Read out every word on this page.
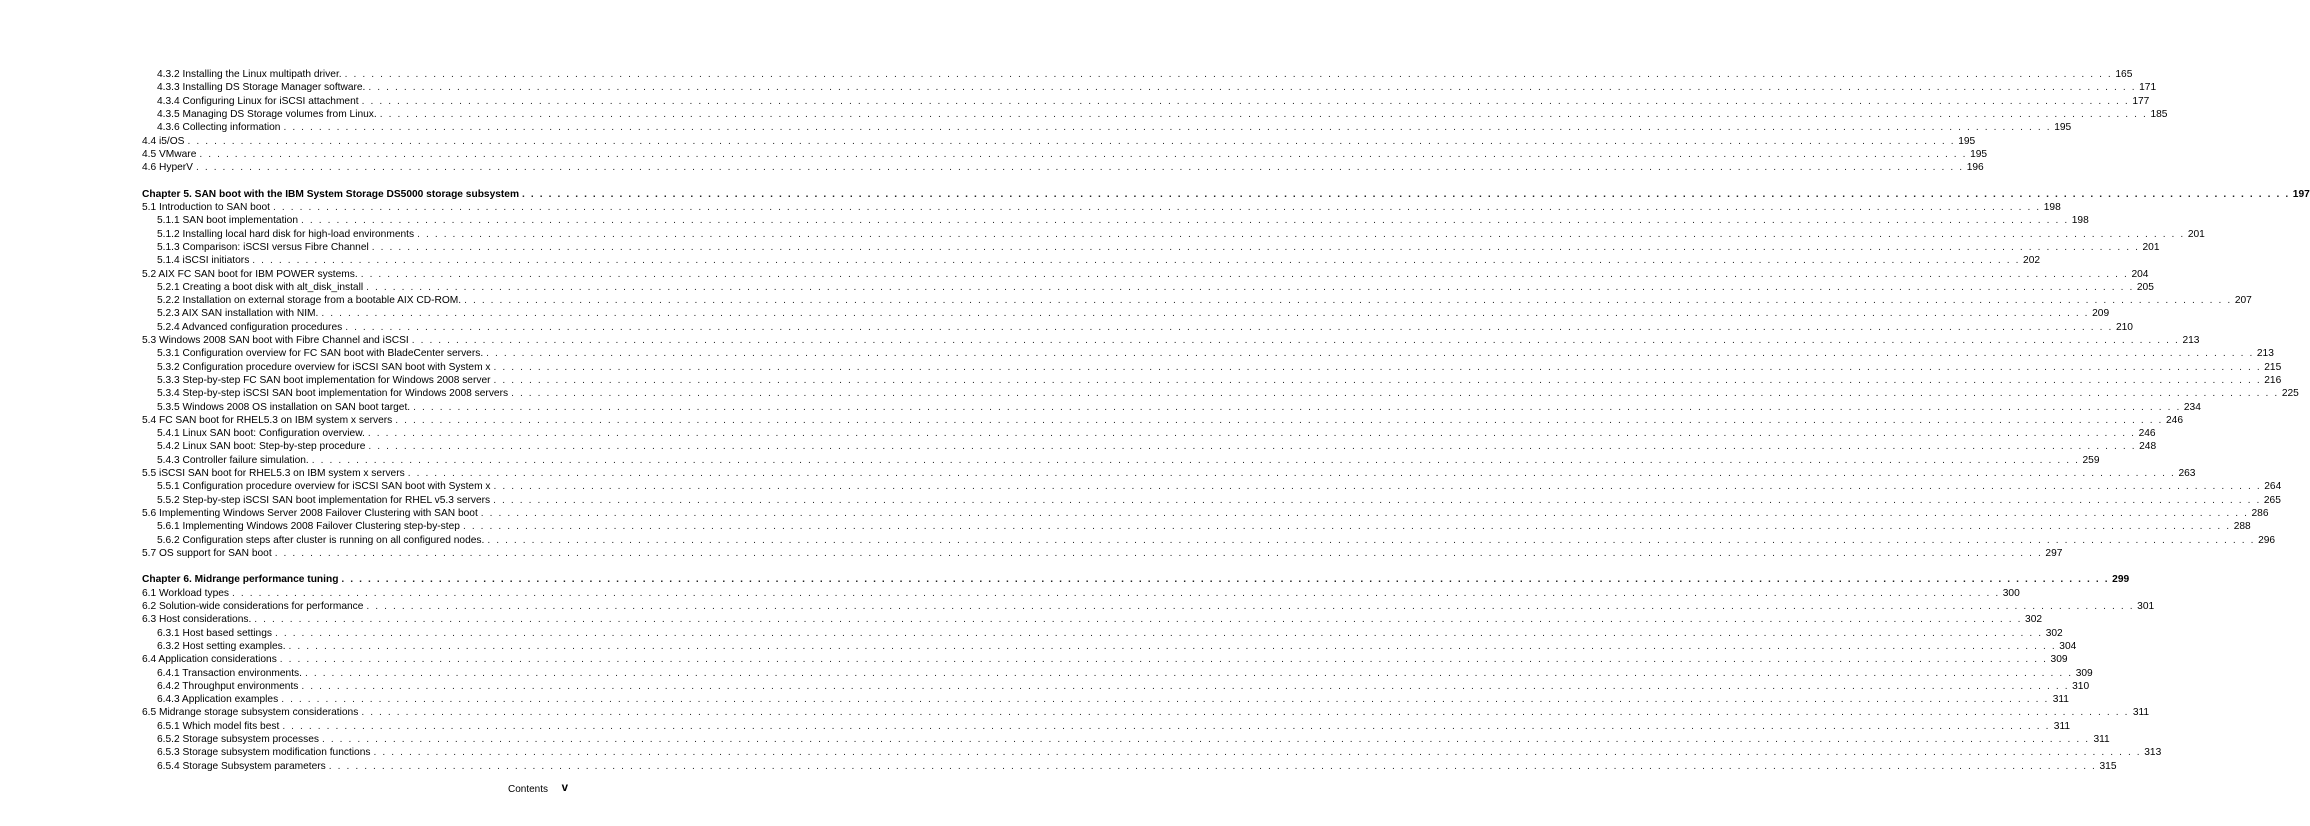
4.3.2 Installing the Linux multipath driver. . . . . . . . . . . . . . . . . . . . . . . . . . . . . . . . . . . . . . . . . . . . . . . . . . . . . . . . . . . . . . . . . . . . . . . . . . . . . . . . . . . . . . . . . . . . . . . . . . . . . . . . . . . . . . . . . . . . . . . . . . . . . . . . . . . . . . . . . . . . . . . . . . . . . . . . . . . . . . . . . . . . . . . . . . . . . . . . . . . . . . . . . . . . . . . . . . . . . . . . . 165
4.3.3 Installing DS Storage Manager software. . . . . . . . . . . . . . . . . . . . . . . . . . . . . . . . . . . . . . . . . . . . . . . . . . . . . . . . . . . . . . . . . . . . . . . . . . . . . . . . . . . . . . . . . . . . . . . . . . . . . . . . . . . . . . . . . . . . . . . . . . . . . . . . . . . . . . . . . . . . . . . . . . . . . . . . . . . . . . . . . . . . . . . . . . . . . . . . . . . . . . . . . . . . . . . . . . . . . . . . . 171
4.3.4 Configuring Linux for iSCSI attachment . . . . . . . . . . . . . . . . . . . . . . . . . . . . . . . . . . . . . . . . . . . . . . . . . . . . . . . . . . . . . . . . . . . . . . . . . . . . . . . . . . . . . . . . . . . . . . . . . . . . . . . . . . . . . . . . . . . . . . . . . . . . . . . . . . . . . . . . . . . . . . . . . . . . . . . . . . . . . . . . . . . . . . . . . . . . . . . . . . . . . . . . . . . . . . . . . . . . . . . . 177
4.3.5 Managing DS Storage volumes from Linux. . . . . . . . . . . . . . . . . . . . . . . . . . . . . . . . . . . . . . . . . . . . . . . . . . . . . . . . . . . . . . . . . . . . . . . . . . . . . . . . . . . . . . . . . . . . . . . . . . . . . . . . . . . . . . . . . . . . . . . . . . . . . . . . . . . . . . . . . . . . . . . . . . . . . . . . . . . . . . . . . . . . . . . . . . . . . . . . . . . . . . . . . . . . . . . . . . . . . . . . . 185
4.3.6 Collecting information . . . . . . . . . . . . . . . . . . . . . . . . . . . . . . . . . . . . . . . . . . . . . . . . . . . . . . . . . . . . . . . . . . . . . . . . . . . . . . . . . . . . . . . . . . . . . . . . . . . . . . . . . . . . . . . . . . . . . . . . . . . . . . . . . . . . . . . . . . . . . . . . . . . . . . . . . . . . . . . . . . . . . . . . . . . . . . . . . . . . . . . . . . . . . . . . . . . . . . . . 195
4.4 i5/OS . . . . . . . . . . . . . . . . . . . . . . . . . . . . . . . . . . . . . . . . . . . . . . . . . . . . . . . . . . . . . . . . . . . . . . . . . . . . . . . . . . . . . . . . . . . . . . . . . . . . . . . . . . . . . . . . . . . . . . . . . . . . . . . . . . . . . . . . . . . . . . . . . . . . . . . . . . . . . . . . . . . . . . . . . . . . . . . . . . . . . . . . . . . . . . . . . . . . . . . . 195
4.5 VMware . . . . . . . . . . . . . . . . . . . . . . . . . . . . . . . . . . . . . . . . . . . . . . . . . . . . . . . . . . . . . . . . . . . . . . . . . . . . . . . . . . . . . . . . . . . . . . . . . . . . . . . . . . . . . . . . . . . . . . . . . . . . . . . . . . . . . . . . . . . . . . . . . . . . . . . . . . . . . . . . . . . . . . . . . . . . . . . . . . . . . . . . . . . . . . . . . . . . . . . . 195
4.6 HyperV . . . . . . . . . . . . . . . . . . . . . . . . . . . . . . . . . . . . . . . . . . . . . . . . . . . . . . . . . . . . . . . . . . . . . . . . . . . . . . . . . . . . . . . . . . . . . . . . . . . . . . . . . . . . . . . . . . . . . . . . . . . . . . . . . . . . . . . . . . . . . . . . . . . . . . . . . . . . . . . . . . . . . . . . . . . . . . . . . . . . . . . . . . . . . . . . . . . . . . . . 196
Chapter 5. SAN boot with the IBM System Storage DS5000 storage subsystem . . . . . . . . . . . . . . . . . . . . . . . . . . . . . . . . . . . . . . . . . . . . . . . . . . . . . . . . . . . . . . . . . . . . . . . . . . . . . . . . . . . . . . . . . . . . . . . . . . . . . . . . . . . . . . . . . . . . . . . . . . . . . . . . . . . . . . . . . . . . . . . . . . . . . . . . . . . . . . . . . . . . . . . . . . . . . . . . . . . . . . . . . . . . . . . . . . . . . . . . 197
5.1 Introduction to SAN boot . . . . . . . . . . . . . . . . . . . . . . . . . . . . . . . . . . . . . . . . . . . . . . . . . . . . . . . . . . . . . . . . . . . . . . . . . . . . . . . . . . . . . . . . . . . . . . . . . . . . . . . . . . . . . . . . . . . . . . . . . . . . . . . . . . . . . . . . . . . . . . . . . . . . . . . . . . . . . . . . . . . . . . . . . . . . . . . . . . . . . . . . . . . . . . . . . . . . . . . . 198
5.1.1 SAN boot implementation . . . . . . . . . . . . . . . . . . . . . . . . . . . . . . . . . . . . . . . . . . . . . . . . . . . . . . . . . . . . . . . . . . . . . . . . . . . . . . . . . . . . . . . . . . . . . . . . . . . . . . . . . . . . . . . . . . . . . . . . . . . . . . . . . . . . . . . . . . . . . . . . . . . . . . . . . . . . . . . . . . . . . . . . . . . . . . . . . . . . . . . . . . . . . . . . . . . . . . . . 198
5.1.2 Installing local hard disk for high-load environments . . . . . . . . . . . . . . . . . . . . . . . . . . . . . . . . . . . . . . . . . . . . . . . . . . . . . . . . . . . . . . . . . . . . . . . . . . . . . . . . . . . . . . . . . . . . . . . . . . . . . . . . . . . . . . . . . . . . . . . . . . . . . . . . . . . . . . . . . . . . . . . . . . . . . . . . . . . . . . . . . . . . . . . . . . . . . . . . . . . . . . . . . . . . . . . . . . . . . . . . 201
5.1.3 Comparison: iSCSI versus Fibre Channel . . . . . . . . . . . . . . . . . . . . . . . . . . . . . . . . . . . . . . . . . . . . . . . . . . . . . . . . . . . . . . . . . . . . . . . . . . . . . . . . . . . . . . . . . . . . . . . . . . . . . . . . . . . . . . . . . . . . . . . . . . . . . . . . . . . . . . . . . . . . . . . . . . . . . . . . . . . . . . . . . . . . . . . . . . . . . . . . . . . . . . . . . . . . . . . . . . . . . . . . 201
5.1.4 iSCSI initiators . . . . . . . . . . . . . . . . . . . . . . . . . . . . . . . . . . . . . . . . . . . . . . . . . . . . . . . . . . . . . . . . . . . . . . . . . . . . . . . . . . . . . . . . . . . . . . . . . . . . . . . . . . . . . . . . . . . . . . . . . . . . . . . . . . . . . . . . . . . . . . . . . . . . . . . . . . . . . . . . . . . . . . . . . . . . . . . . . . . . . . . . . . . . . . . . . . . . . . . . 202
5.2 AIX FC SAN boot for IBM POWER systems. . . . . . . . . . . . . . . . . . . . . . . . . . . . . . . . . . . . . . . . . . . . . . . . . . . . . . . . . . . . . . . . . . . . . . . . . . . . . . . . . . . . . . . . . . . . . . . . . . . . . . . . . . . . . . . . . . . . . . . . . . . . . . . . . . . . . . . . . . . . . . . . . . . . . . . . . . . . . . . . . . . . . . . . . . . . . . . . . . . . . . . . . . . . . . . . . . . . . . . . . 204
5.2.1 Creating a boot disk with alt_disk_install . . . . . . . . . . . . . . . . . . . . . . . . . . . . . . . . . . . . . . . . . . . . . . . . . . . . . . . . . . . . . . . . . . . . . . . . . . . . . . . . . . . . . . . . . . . . . . . . . . . . . . . . . . . . . . . . . . . . . . . . . . . . . . . . . . . . . . . . . . . . . . . . . . . . . . . . . . . . . . . . . . . . . . . . . . . . . . . . . . . . . . . . . . . . . . . . . . . . . . . . 205
5.2.2 Installation on external storage from a bootable AIX CD-ROM. . . . . . . . . . . . . . . . . . . . . . . . . . . . . . . . . . . . . . . . . . . . . . . . . . . . . . . . . . . . . . . . . . . . . . . . . . . . . . . . . . . . . . . . . . . . . . . . . . . . . . . . . . . . . . . . . . . . . . . . . . . . . . . . . . . . . . . . . . . . . . . . . . . . . . . . . . . . . . . . . . . . . . . . . . . . . . . . . . . . . . . . . . . . . . . . . . . . . . . . . 207
5.2.3 AIX SAN installation with NIM. . . . . . . . . . . . . . . . . . . . . . . . . . . . . . . . . . . . . . . . . . . . . . . . . . . . . . . . . . . . . . . . . . . . . . . . . . . . . . . . . . . . . . . . . . . . . . . . . . . . . . . . . . . . . . . . . . . . . . . . . . . . . . . . . . . . . . . . . . . . . . . . . . . . . . . . . . . . . . . . . . . . . . . . . . . . . . . . . . . . . . . . . . . . . . . . . . . . . . . . . 209
5.2.4 Advanced configuration procedures . . . . . . . . . . . . . . . . . . . . . . . . . . . . . . . . . . . . . . . . . . . . . . . . . . . . . . . . . . . . . . . . . . . . . . . . . . . . . . . . . . . . . . . . . . . . . . . . . . . . . . . . . . . . . . . . . . . . . . . . . . . . . . . . . . . . . . . . . . . . . . . . . . . . . . . . . . . . . . . . . . . . . . . . . . . . . . . . . . . . . . . . . . . . . . . . . . . . . . . . 210
5.3 Windows 2008 SAN boot with Fibre Channel and iSCSI . . . . . . . . . . . . . . . . . . . . . . . . . . . . . . . . . . . . . . . . . . . . . . . . . . . . . . . . . . . . . . . . . . . . . . . . . . . . . . . . . . . . . . . . . . . . . . . . . . . . . . . . . . . . . . . . . . . . . . . . . . . . . . . . . . . . . . . . . . . . . . . . . . . . . . . . . . . . . . . . . . . . . . . . . . . . . . . . . . . . . . . . . . . . . . . . . . . . . . . . 213
5.3.1 Configuration overview for FC SAN boot with BladeCenter servers. . . . . . . . . . . . . . . . . . . . . . . . . . . . . . . . . . . . . . . . . . . . . . . . . . . . . . . . . . . . . . . . . . . . . . . . . . . . . . . . . . . . . . . . . . . . . . . . . . . . . . . . . . . . . . . . . . . . . . . . . . . . . . . . . . . . . . . . . . . . . . . . . . . . . . . . . . . . . . . . . . . . . . . . . . . . . . . . . . . . . . . . . . . . . . . . . . . . . . . . . 213
5.3.2 Configuration procedure overview for iSCSI SAN boot with System x . . . . . . . . . . . . . . . . . . . . . . . . . . . . . . . . . . . . . . . . . . . . . . . . . . . . . . . . . . . . . . . . . . . . . . . . . . . . . . . . . . . . . . . . . . . . . . . . . . . . . . . . . . . . . . . . . . . . . . . . . . . . . . . . . . . . . . . . . . . . . . . . . . . . . . . . . . . . . . . . . . . . . . . . . . . . . . . . . . . . . . . . . . . . . . . . . . . . . . . . 215
5.3.3 Step-by-step FC SAN boot implementation for Windows 2008 server . . . . . . . . . . . . . . . . . . . . . . . . . . . . . . . . . . . . . . . . . . . . . . . . . . . . . . . . . . . . . . . . . . . . . . . . . . . . . . . . . . . . . . . . . . . . . . . . . . . . . . . . . . . . . . . . . . . . . . . . . . . . . . . . . . . . . . . . . . . . . . . . . . . . . . . . . . . . . . . . . . . . . . . . . . . . . . . . . . . . . . . . . . . . . . . . . . . . . . . . 216
5.3.4 Step-by-step iSCSI SAN boot implementation for Windows 2008 servers . . . . . . . . . . . . . . . . . . . . . . . . . . . . . . . . . . . . . . . . . . . . . . . . . . . . . . . . . . . . . . . . . . . . . . . . . . . . . . . . . . . . . . . . . . . . . . . . . . . . . . . . . . . . . . . . . . . . . . . . . . . . . . . . . . . . . . . . . . . . . . . . . . . . . . . . . . . . . . . . . . . . . . . . . . . . . . . . . . . . . . . . . . . . . . . . . . . . . . . . 225
5.3.5 Windows 2008 OS installation on SAN boot target. . . . . . . . . . . . . . . . . . . . . . . . . . . . . . . . . . . . . . . . . . . . . . . . . . . . . . . . . . . . . . . . . . . . . . . . . . . . . . . . . . . . . . . . . . . . . . . . . . . . . . . . . . . . . . . . . . . . . . . . . . . . . . . . . . . . . . . . . . . . . . . . . . . . . . . . . . . . . . . . . . . . . . . . . . . . . . . . . . . . . . . . . . . . . . . . . . . . . . . . . 234
5.4 FC SAN boot for RHEL5.3 on IBM system x servers . . . . . . . . . . . . . . . . . . . . . . . . . . . . . . . . . . . . . . . . . . . . . . . . . . . . . . . . . . . . . . . . . . . . . . . . . . . . . . . . . . . . . . . . . . . . . . . . . . . . . . . . . . . . . . . . . . . . . . . . . . . . . . . . . . . . . . . . . . . . . . . . . . . . . . . . . . . . . . . . . . . . . . . . . . . . . . . . . . . . . . . . . . . . . . . . . . . . . . . . 246
5.4.1 Linux SAN boot: Configuration overview. . . . . . . . . . . . . . . . . . . . . . . . . . . . . . . . . . . . . . . . . . . . . . . . . . . . . . . . . . . . . . . . . . . . . . . . . . . . . . . . . . . . . . . . . . . . . . . . . . . . . . . . . . . . . . . . . . . . . . . . . . . . . . . . . . . . . . . . . . . . . . . . . . . . . . . . . . . . . . . . . . . . . . . . . . . . . . . . . . . . . . . . . . . . . . . . . . . . . . . . . 246
5.4.2 Linux SAN boot: Step-by-step procedure . . . . . . . . . . . . . . . . . . . . . . . . . . . . . . . . . . . . . . . . . . . . . . . . . . . . . . . . . . . . . . . . . . . . . . . . . . . . . . . . . . . . . . . . . . . . . . . . . . . . . . . . . . . . . . . . . . . . . . . . . . . . . . . . . . . . . . . . . . . . . . . . . . . . . . . . . . . . . . . . . . . . . . . . . . . . . . . . . . . . . . . . . . . . . . . . . . . . . . . . 248
5.4.3 Controller failure simulation. . . . . . . . . . . . . . . . . . . . . . . . . . . . . . . . . . . . . . . . . . . . . . . . . . . . . . . . . . . . . . . . . . . . . . . . . . . . . . . . . . . . . . . . . . . . . . . . . . . . . . . . . . . . . . . . . . . . . . . . . . . . . . . . . . . . . . . . . . . . . . . . . . . . . . . . . . . . . . . . . . . . . . . . . . . . . . . . . . . . . . . . . . . . . . . . . . . . . . . . . 259
5.5 iSCSI SAN boot for RHEL5.3 on IBM system x servers . . . . . . . . . . . . . . . . . . . . . . . . . . . . . . . . . . . . . . . . . . . . . . . . . . . . . . . . . . . . . . . . . . . . . . . . . . . . . . . . . . . . . . . . . . . . . . . . . . . . . . . . . . . . . . . . . . . . . . . . . . . . . . . . . . . . . . . . . . . . . . . . . . . . . . . . . . . . . . . . . . . . . . . . . . . . . . . . . . . . . . . . . . . . . . . . . . . . . . . . 263
5.5.1 Configuration procedure overview for iSCSI SAN boot with System x . . . . . . . . . . . . . . . . . . . . . . . . . . . . . . . . . . . . . . . . . . . . . . . . . . . . . . . . . . . . . . . . . . . . . . . . . . . . . . . . . . . . . . . . . . . . . . . . . . . . . . . . . . . . . . . . . . . . . . . . . . . . . . . . . . . . . . . . . . . . . . . . . . . . . . . . . . . . . . . . . . . . . . . . . . . . . . . . . . . . . . . . . . . . . . . . . . . . . . . . 264
5.5.2 Step-by-step iSCSI SAN boot implementation for RHEL v5.3 servers . . . . . . . . . . . . . . . . . . . . . . . . . . . . . . . . . . . . . . . . . . . . . . . . . . . . . . . . . . . . . . . . . . . . . . . . . . . . . . . . . . . . . . . . . . . . . . . . . . . . . . . . . . . . . . . . . . . . . . . . . . . . . . . . . . . . . . . . . . . . . . . . . . . . . . . . . . . . . . . . . . . . . . . . . . . . . . . . . . . . . . . . . . . . . . . . . . . . . . . . 265
5.6 Implementing Windows Server 2008 Failover Clustering with SAN boot . . . . . . . . . . . . . . . . . . . . . . . . . . . . . . . . . . . . . . . . . . . . . . . . . . . . . . . . . . . . . . . . . . . . . . . . . . . . . . . . . . . . . . . . . . . . . . . . . . . . . . . . . . . . . . . . . . . . . . . . . . . . . . . . . . . . . . . . . . . . . . . . . . . . . . . . . . . . . . . . . . . . . . . . . . . . . . . . . . . . . . . . . . . . . . . . . . . . . . . . 286
5.6.1 Implementing Windows 2008 Failover Clustering step-by-step . . . . . . . . . . . . . . . . . . . . . . . . . . . . . . . . . . . . . . . . . . . . . . . . . . . . . . . . . . . . . . . . . . . . . . . . . . . . . . . . . . . . . . . . . . . . . . . . . . . . . . . . . . . . . . . . . . . . . . . . . . . . . . . . . . . . . . . . . . . . . . . . . . . . . . . . . . . . . . . . . . . . . . . . . . . . . . . . . . . . . . . . . . . . . . . . . . . . . . . . 288
5.6.2 Configuration steps after cluster is running on all configured nodes. . . . . . . . . . . . . . . . . . . . . . . . . . . . . . . . . . . . . . . . . . . . . . . . . . . . . . . . . . . . . . . . . . . . . . . . . . . . . . . . . . . . . . . . . . . . . . . . . . . . . . . . . . . . . . . . . . . . . . . . . . . . . . . . . . . . . . . . . . . . . . . . . . . . . . . . . . . . . . . . . . . . . . . . . . . . . . . . . . . . . . . . . . . . . . . . . . . . . . . . . 296
5.7 OS support for SAN boot . . . . . . . . . . . . . . . . . . . . . . . . . . . . . . . . . . . . . . . . . . . . . . . . . . . . . . . . . . . . . . . . . . . . . . . . . . . . . . . . . . . . . . . . . . . . . . . . . . . . . . . . . . . . . . . . . . . . . . . . . . . . . . . . . . . . . . . . . . . . . . . . . . . . . . . . . . . . . . . . . . . . . . . . . . . . . . . . . . . . . . . . . . . . . . . . . . . . . . . . 297
Chapter 6. Midrange performance tuning . . . . . . . . . . . . . . . . . . . . . . . . . . . . . . . . . . . . . . . . . . . . . . . . . . . . . . . . . . . . . . . . . . . . . . . . . . . . . . . . . . . . . . . . . . . . . . . . . . . . . . . . . . . . . . . . . . . . . . . . . . . . . . . . . . . . . . . . . . . . . . . . . . . . . . . . . . . . . . . . . . . . . . . . . . . . . . . . . . . . . . . . . . . . . . . . . . . . . . . . 299
6.1 Workload types . . . . . . . . . . . . . . . . . . . . . . . . . . . . . . . . . . . . . . . . . . . . . . . . . . . . . . . . . . . . . . . . . . . . . . . . . . . . . . . . . . . . . . . . . . . . . . . . . . . . . . . . . . . . . . . . . . . . . . . . . . . . . . . . . . . . . . . . . . . . . . . . . . . . . . . . . . . . . . . . . . . . . . . . . . . . . . . . . . . . . . . . . . . . . . . . . . . . . . . . 300
6.2 Solution-wide considerations for performance . . . . . . . . . . . . . . . . . . . . . . . . . . . . . . . . . . . . . . . . . . . . . . . . . . . . . . . . . . . . . . . . . . . . . . . . . . . . . . . . . . . . . . . . . . . . . . . . . . . . . . . . . . . . . . . . . . . . . . . . . . . . . . . . . . . . . . . . . . . . . . . . . . . . . . . . . . . . . . . . . . . . . . . . . . . . . . . . . . . . . . . . . . . . . . . . . . . . . . . . 301
6.3 Host considerations. . . . . . . . . . . . . . . . . . . . . . . . . . . . . . . . . . . . . . . . . . . . . . . . . . . . . . . . . . . . . . . . . . . . . . . . . . . . . . . . . . . . . . . . . . . . . . . . . . . . . . . . . . . . . . . . . . . . . . . . . . . . . . . . . . . . . . . . . . . . . . . . . . . . . . . . . . . . . . . . . . . . . . . . . . . . . . . . . . . . . . . . . . . . . . . . . . . . . . . . . 302
6.3.1 Host based settings . . . . . . . . . . . . . . . . . . . . . . . . . . . . . . . . . . . . . . . . . . . . . . . . . . . . . . . . . . . . . . . . . . . . . . . . . . . . . . . . . . . . . . . . . . . . . . . . . . . . . . . . . . . . . . . . . . . . . . . . . . . . . . . . . . . . . . . . . . . . . . . . . . . . . . . . . . . . . . . . . . . . . . . . . . . . . . . . . . . . . . . . . . . . . . . . . . . . . . . . 302
6.3.2 Host setting examples. . . . . . . . . . . . . . . . . . . . . . . . . . . . . . . . . . . . . . . . . . . . . . . . . . . . . . . . . . . . . . . . . . . . . . . . . . . . . . . . . . . . . . . . . . . . . . . . . . . . . . . . . . . . . . . . . . . . . . . . . . . . . . . . . . . . . . . . . . . . . . . . . . . . . . . . . . . . . . . . . . . . . . . . . . . . . . . . . . . . . . . . . . . . . . . . . . . . . . . . . 304
6.4 Application considerations . . . . . . . . . . . . . . . . . . . . . . . . . . . . . . . . . . . . . . . . . . . . . . . . . . . . . . . . . . . . . . . . . . . . . . . . . . . . . . . . . . . . . . . . . . . . . . . . . . . . . . . . . . . . . . . . . . . . . . . . . . . . . . . . . . . . . . . . . . . . . . . . . . . . . . . . . . . . . . . . . . . . . . . . . . . . . . . . . . . . . . . . . . . . . . . . . . . . . . . . 309
6.4.1 Transaction environments. . . . . . . . . . . . . . . . . . . . . . . . . . . . . . . . . . . . . . . . . . . . . . . . . . . . . . . . . . . . . . . . . . . . . . . . . . . . . . . . . . . . . . . . . . . . . . . . . . . . . . . . . . . . . . . . . . . . . . . . . . . . . . . . . . . . . . . . . . . . . . . . . . . . . . . . . . . . . . . . . . . . . . . . . . . . . . . . . . . . . . . . . . . . . . . . . . . . . . . . . 309
6.4.2 Throughput environments . . . . . . . . . . . . . . . . . . . . . . . . . . . . . . . . . . . . . . . . . . . . . . . . . . . . . . . . . . . . . . . . . . . . . . . . . . . . . . . . . . . . . . . . . . . . . . . . . . . . . . . . . . . . . . . . . . . . . . . . . . . . . . . . . . . . . . . . . . . . . . . . . . . . . . . . . . . . . . . . . . . . . . . . . . . . . . . . . . . . . . . . . . . . . . . . . . . . . . . . 310
6.4.3 Application examples . . . . . . . . . . . . . . . . . . . . . . . . . . . . . . . . . . . . . . . . . . . . . . . . . . . . . . . . . . . . . . . . . . . . . . . . . . . . . . . . . . . . . . . . . . . . . . . . . . . . . . . . . . . . . . . . . . . . . . . . . . . . . . . . . . . . . . . . . . . . . . . . . . . . . . . . . . . . . . . . . . . . . . . . . . . . . . . . . . . . . . . . . . . . . . . . . . . . . . . . 311
6.5 Midrange storage subsystem considerations . . . . . . . . . . . . . . . . . . . . . . . . . . . . . . . . . . . . . . . . . . . . . . . . . . . . . . . . . . . . . . . . . . . . . . . . . . . . . . . . . . . . . . . . . . . . . . . . . . . . . . . . . . . . . . . . . . . . . . . . . . . . . . . . . . . . . . . . . . . . . . . . . . . . . . . . . . . . . . . . . . . . . . . . . . . . . . . . . . . . . . . . . . . . . . . . . . . . . . . . 311
6.5.1 Which model fits best . . . . . . . . . . . . . . . . . . . . . . . . . . . . . . . . . . . . . . . . . . . . . . . . . . . . . . . . . . . . . . . . . . . . . . . . . . . . . . . . . . . . . . . . . . . . . . . . . . . . . . . . . . . . . . . . . . . . . . . . . . . . . . . . . . . . . . . . . . . . . . . . . . . . . . . . . . . . . . . . . . . . . . . . . . . . . . . . . . . . . . . . . . . . . . . . . . . . . . . . 311
6.5.2 Storage subsystem processes . . . . . . . . . . . . . . . . . . . . . . . . . . . . . . . . . . . . . . . . . . . . . . . . . . . . . . . . . . . . . . . . . . . . . . . . . . . . . . . . . . . . . . . . . . . . . . . . . . . . . . . . . . . . . . . . . . . . . . . . . . . . . . . . . . . . . . . . . . . . . . . . . . . . . . . . . . . . . . . . . . . . . . . . . . . . . . . . . . . . . . . . . . . . . . . . . . . . . . . . 311
6.5.3 Storage subsystem modification functions . . . . . . . . . . . . . . . . . . . . . . . . . . . . . . . . . . . . . . . . . . . . . . . . . . . . . . . . . . . . . . . . . . . . . . . . . . . . . . . . . . . . . . . . . . . . . . . . . . . . . . . . . . . . . . . . . . . . . . . . . . . . . . . . . . . . . . . . . . . . . . . . . . . . . . . . . . . . . . . . . . . . . . . . . . . . . . . . . . . . . . . . . . . . . . . . . . . . . . . . 313
6.5.4 Storage Subsystem parameters . . . . . . . . . . . . . . . . . . . . . . . . . . . . . . . . . . . . . . . . . . . . . . . . . . . . . . . . . . . . . . . . . . . . . . . . . . . . . . . . . . . . . . . . . . . . . . . . . . . . . . . . . . . . . . . . . . . . . . . . . . . . . . . . . . . . . . . . . . . . . . . . . . . . . . . . . . . . . . . . . . . . . . . . . . . . . . . . . . . . . . . . . . . . . . . . . . . . . . . . 315
Contents v
